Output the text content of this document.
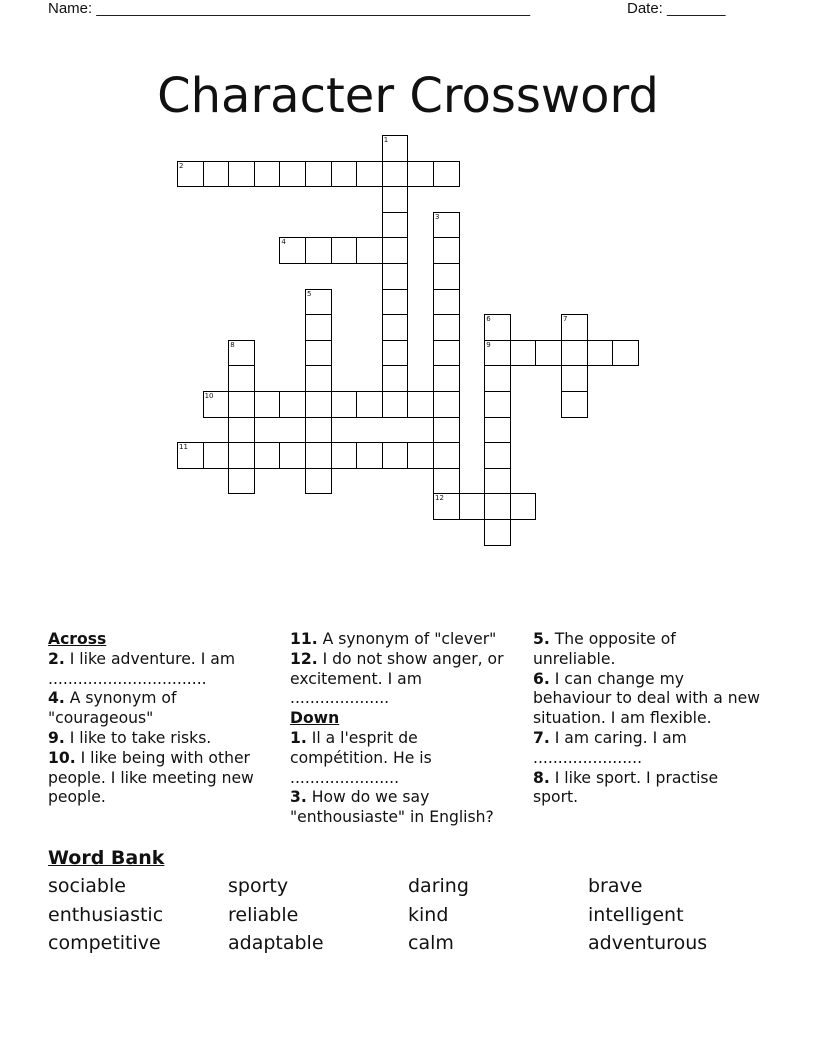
Name: ____________________________________________________	Date: _______
Character Crossword
2
4
9
10
11
12
1
3
5
6	7
8
Across
2. I like adventure. I am ................................
4. A synonym of "courageous"
9. I like to take risks.
10. I like being with other people. I like meeting new people.
11. A synonym of "clever"
12. I do not show anger, or excitement. I am ....................
Down
1. Il a l'esprit de compétition. He is ......................
3. How do we say "enthousiaste" in English?
5. The opposite of unreliable.
6. I can change my behaviour to deal with a new situation. I am flexible.
7. I am caring. I am ......................
8. I like sport. I practise sport.
Word Bank
sociable	sporty	daring	brave
enthusiastic	reliable	kind	intelligent
competitive	adaptable	calm	adventurous
